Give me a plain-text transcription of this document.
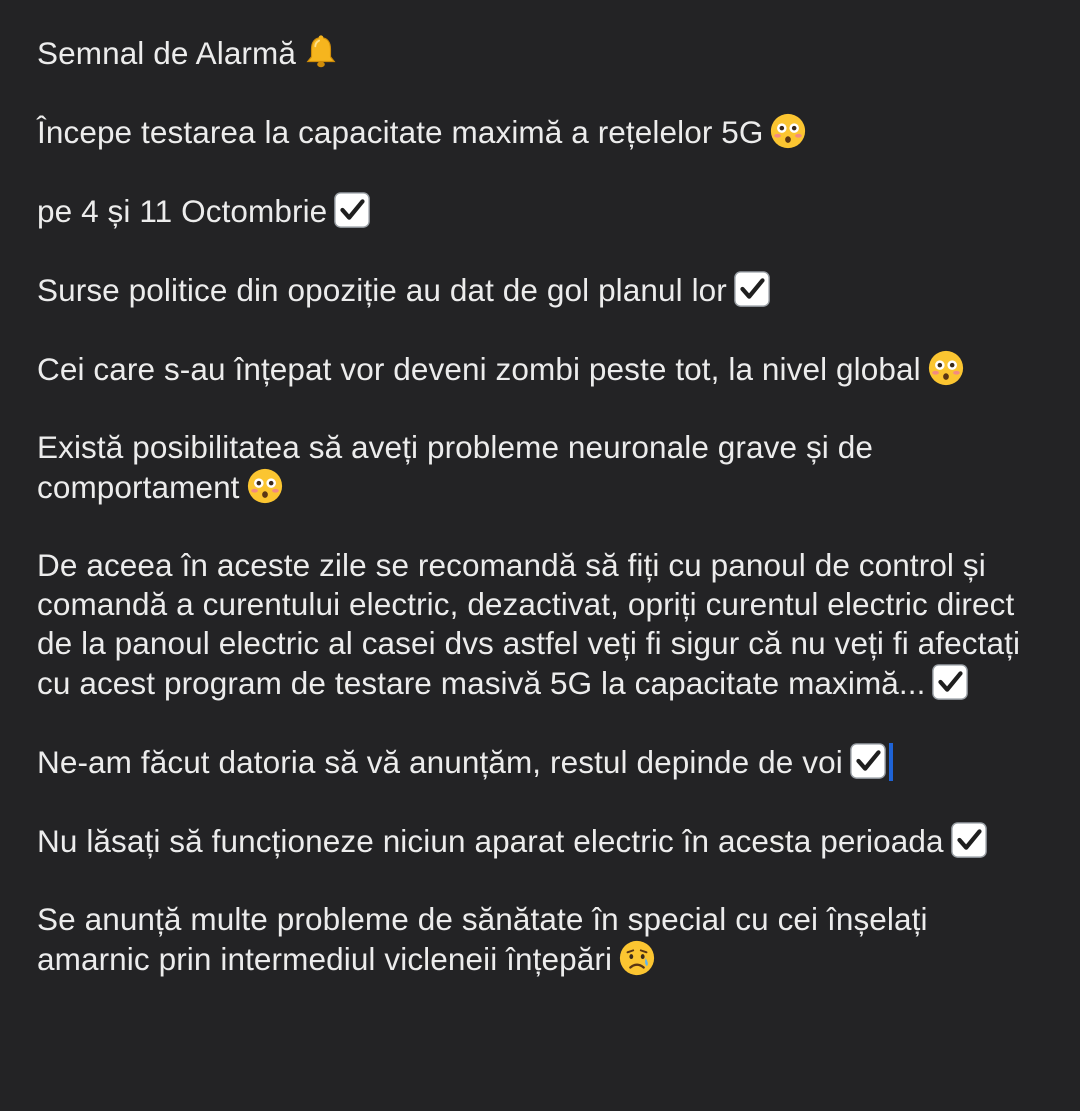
Semnal de Alarmă

Începe testarea la capacitate maximă a rețelelor 5G

pe 4 și 11 Octombrie

Surse politice din opoziție au dat de gol planul lor

Cei care s-au înțepat vor deveni zombi peste tot, la nivel global

Există posibilitatea să aveți probleme neuronale grave și de comportament

De aceea în aceste zile se recomandă să fiți cu panoul de control și comandă a curentului electric, dezactivat, opriți curentul electric direct de la panoul electric al casei dvs astfel veți fi sigur că nu veți fi afectați cu acest program de testare masivă 5G la capacitate maximă...

Ne-am făcut datoria să vă anunțăm, restul depinde de voi

Nu lăsați să funcționeze niciun aparat electric în acesta perioada

Se anunță multe probleme de sănătate în special cu cei înșelați amarnic prin intermediul vicleneii înțepări
